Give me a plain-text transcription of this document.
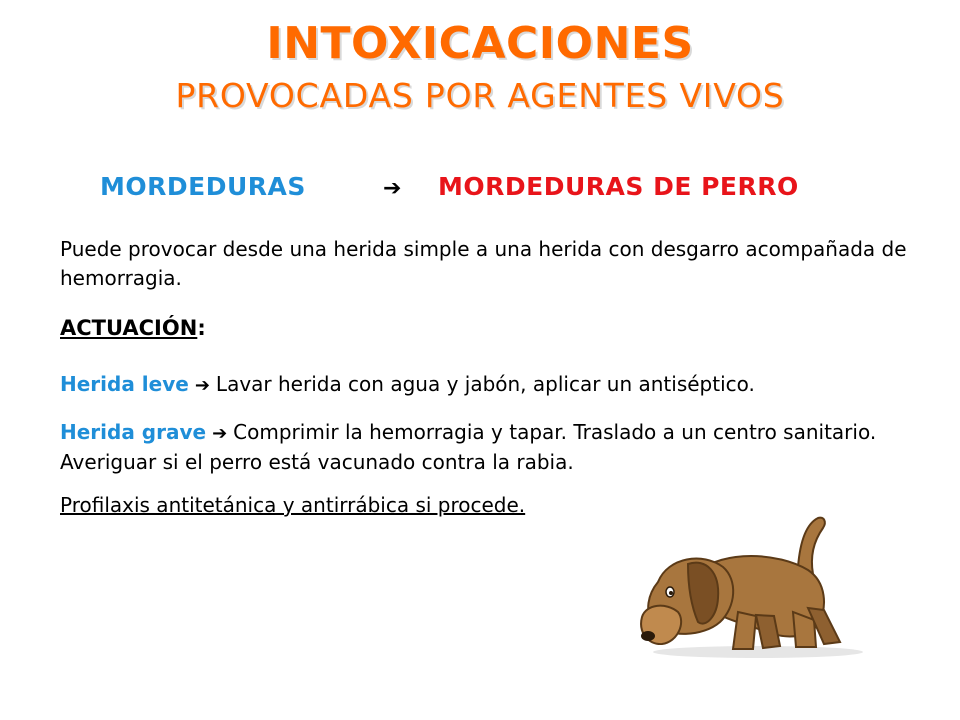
INTOXICACIONES
PROVOCADAS POR AGENTES VIVOS
MORDEDURAS	➔ MORDEDURAS DE PERRO
Puede provocar desde una herida simple a una herida con desgarro acompañada de hemorragia.
ACTUACIÓN:
Herida leve ➔ Lavar herida con agua y jabón, aplicar un antiséptico.
Herida grave ➔ Comprimir la hemorragia y tapar. Traslado a un centro sanitario. Averiguar si el perro está vacunado contra la rabia.
Profilaxis antitetánica y antirrábica si procede.
